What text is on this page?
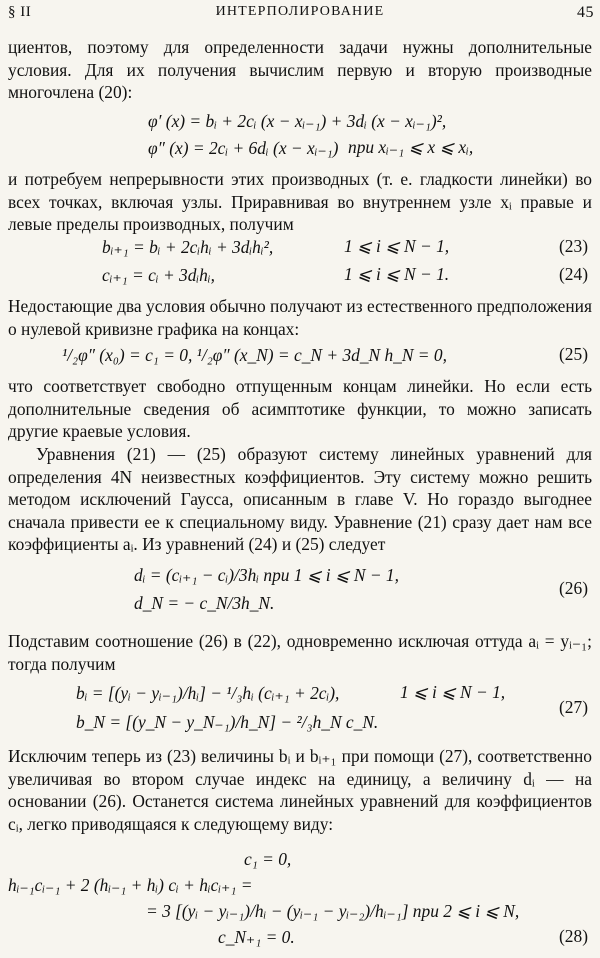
§ II	ИНТЕРПОЛИРОВАНИЕ	45

циентов, поэтому для определенности задачи нужны дополнительные условия. Для их получения вычислим первую и вторую производные многочлена (20):

φ′ (x) = bᵢ + 2cᵢ (x − xᵢ₋₁) + 3dᵢ (x − xᵢ₋₁)²,
φ″ (x) = 2cᵢ + 6dᵢ (x − xᵢ₋₁) при xᵢ₋₁ ⩽ x ⩽ xᵢ,

и потребуем непрерывности этих производных (т. е. гладкости линейки) во всех точках, включая узлы. Приравнивая во внутреннем узле xᵢ правые и левые пределы производных, получим

bᵢ₊₁ = bᵢ + 2cᵢhᵢ + 3dᵢhᵢ²,	1 ⩽ i ⩽ N − 1,	(23)
cᵢ₊₁ = cᵢ + 3dᵢhᵢ,	1 ⩽ i ⩽ N − 1.	(24)

Недостающие два условия обычно получают из естественного предположения о нулевой кривизне графика на концах:

¹/₂φ″ (x₀) = c₁ = 0, ¹/₂φ″ (x_N) = c_N + 3d_N h_N = 0,	(25)

что соответствует свободно отпущенным концам линейки. Но если есть дополнительные сведения об асимптотике функции, то можно записать другие краевые условия.

Уравнения (21) — (25) образуют систему линейных уравнений для определения 4N неизвестных коэффициентов. Эту систему можно решить методом исключений Гаусса, описанным в главе V. Но гораздо выгоднее сначала привести ее к специальному виду. Уравнение (21) сразу дает нам все коэффициенты aᵢ. Из уравнений (24) и (25) следует

dᵢ = (cᵢ₊₁ − cᵢ)/3hᵢ при 1 ⩽ i ⩽ N − 1,
d_N = − c_N/3h_N.
(26)

Подставим соотношение (26) в (22), одновременно исключая оттуда aᵢ = yᵢ₋₁; тогда получим

bᵢ = [(yᵢ − yᵢ₋₁)/hᵢ] − ¹/₃hᵢ (cᵢ₊₁ + 2cᵢ),	1 ⩽ i ⩽ N − 1,
b_N = [(y_N − y_N₋₁)/h_N] − ²/₃h_N c_N.
(27)

Исключим теперь из (23) величины bᵢ и bᵢ₊₁ при помощи (27), соответственно увеличивая во втором случае индекс на единицу, а величину dᵢ — на основании (26). Останется система линейных уравнений для коэффициентов cᵢ, легко приводящаяся к следующему виду:

c₁ = 0,
hᵢ₋₁cᵢ₋₁ + 2 (hᵢ₋₁ + hᵢ) cᵢ + hᵢcᵢ₊₁ =
= 3 [(yᵢ − yᵢ₋₁)/hᵢ − (yᵢ₋₁ − yᵢ₋₂)/hᵢ₋₁] при 2 ⩽ i ⩽ N,
c_N₊₁ = 0.	(28)
